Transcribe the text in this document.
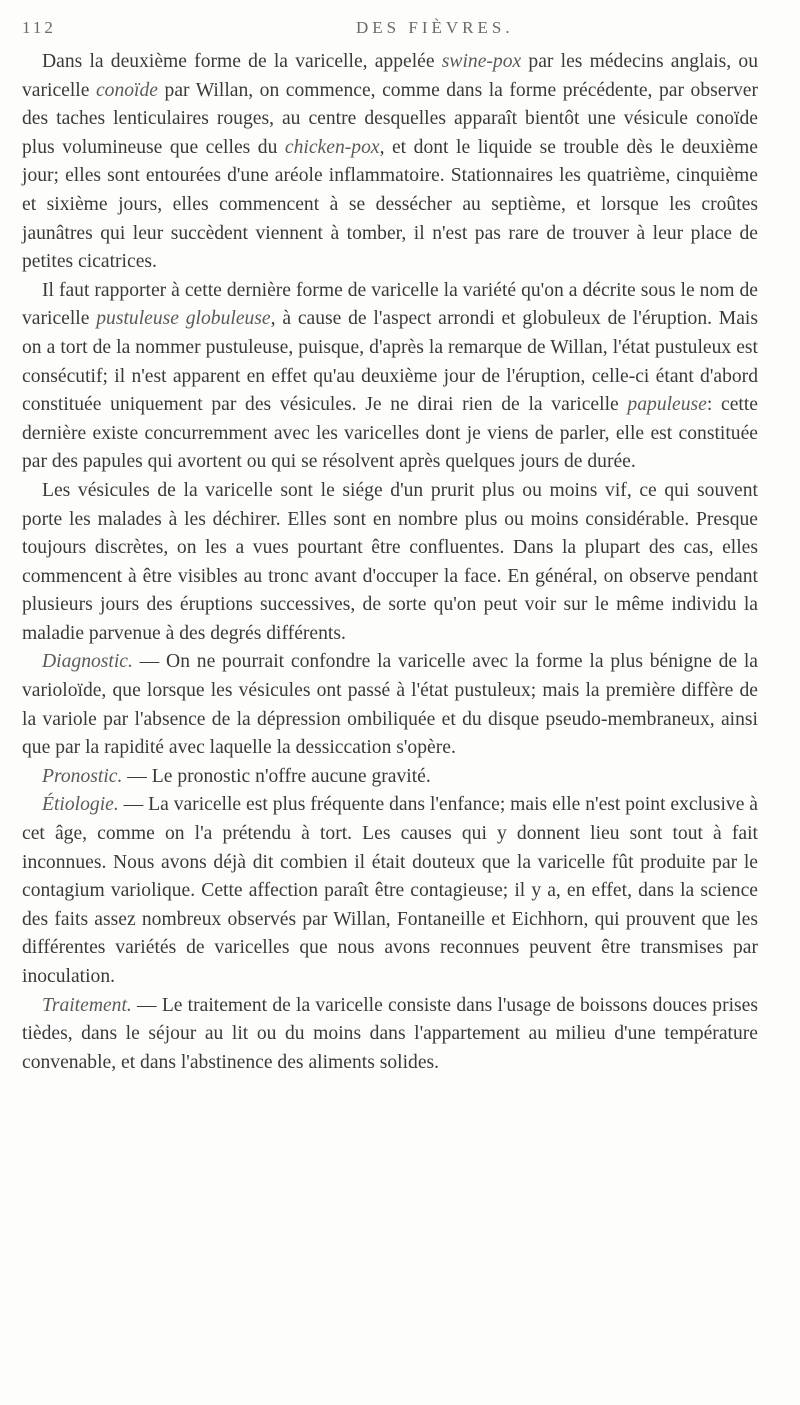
112	DES FIÈVRES.

Dans la deuxième forme de la varicelle, appelée swine-pox par les médecins anglais, ou varicelle conoïde par Willan, on commence, comme dans la forme précédente, par observer des taches lenticulaires rouges, au centre desquelles apparaît bientôt une vésicule conoïde plus volumineuse que celles du chicken-pox, et dont le liquide se trouble dès le deuxième jour; elles sont entourées d'une aréole inflammatoire. Stationnaires les quatrième, cinquième et sixième jours, elles commencent à se dessécher au septième, et lorsque les croûtes jaunâtres qui leur succèdent viennent à tomber, il n'est pas rare de trouver à leur place de petites cicatrices.

Il faut rapporter à cette dernière forme de varicelle la variété qu'on a décrite sous le nom de varicelle pustuleuse globuleuse, à cause de l'aspect arrondi et globuleux de l'éruption. Mais on a tort de la nommer pustuleuse, puisque, d'après la remarque de Willan, l'état pustuleux est consécutif; il n'est apparent en effet qu'au deuxième jour de l'éruption, celle-ci étant d'abord constituée uniquement par des vésicules. Je ne dirai rien de la varicelle papuleuse: cette dernière existe concurremment avec les varicelles dont je viens de parler, elle est constituée par des papules qui avortent ou qui se résolvent après quelques jours de durée.

Les vésicules de la varicelle sont le siége d'un prurit plus ou moins vif, ce qui souvent porte les malades à les déchirer. Elles sont en nombre plus ou moins considérable. Presque toujours discrètes, on les a vues pourtant être confluentes. Dans la plupart des cas, elles commencent à être visibles au tronc avant d'occuper la face. En général, on observe pendant plusieurs jours des éruptions successives, de sorte qu'on peut voir sur le même individu la maladie parvenue à des degrés différents.

Diagnostic. — On ne pourrait confondre la varicelle avec la forme la plus bénigne de la varioloïde, que lorsque les vésicules ont passé à l'état pustuleux; mais la première diffère de la variole par l'absence de la dépression ombiliquée et du disque pseudo-membraneux, ainsi que par la rapidité avec laquelle la dessiccation s'opère.

Pronostic. — Le pronostic n'offre aucune gravité.

Étiologie. — La varicelle est plus fréquente dans l'enfance; mais elle n'est point exclusive à cet âge, comme on l'a prétendu à tort. Les causes qui y donnent lieu sont tout à fait inconnues. Nous avons déjà dit combien il était douteux que la varicelle fût produite par le contagium variolique. Cette affection paraît être contagieuse; il y a, en effet, dans la science des faits assez nombreux observés par Willan, Fontaneille et Eichhorn, qui prouvent que les différentes variétés de varicelles que nous avons reconnues peuvent être transmises par inoculation.

Traitement. — Le traitement de la varicelle consiste dans l'usage de boissons douces prises tièdes, dans le séjour au lit ou du moins dans l'appartement au milieu d'une température convenable, et dans l'abstinence des aliments solides.
